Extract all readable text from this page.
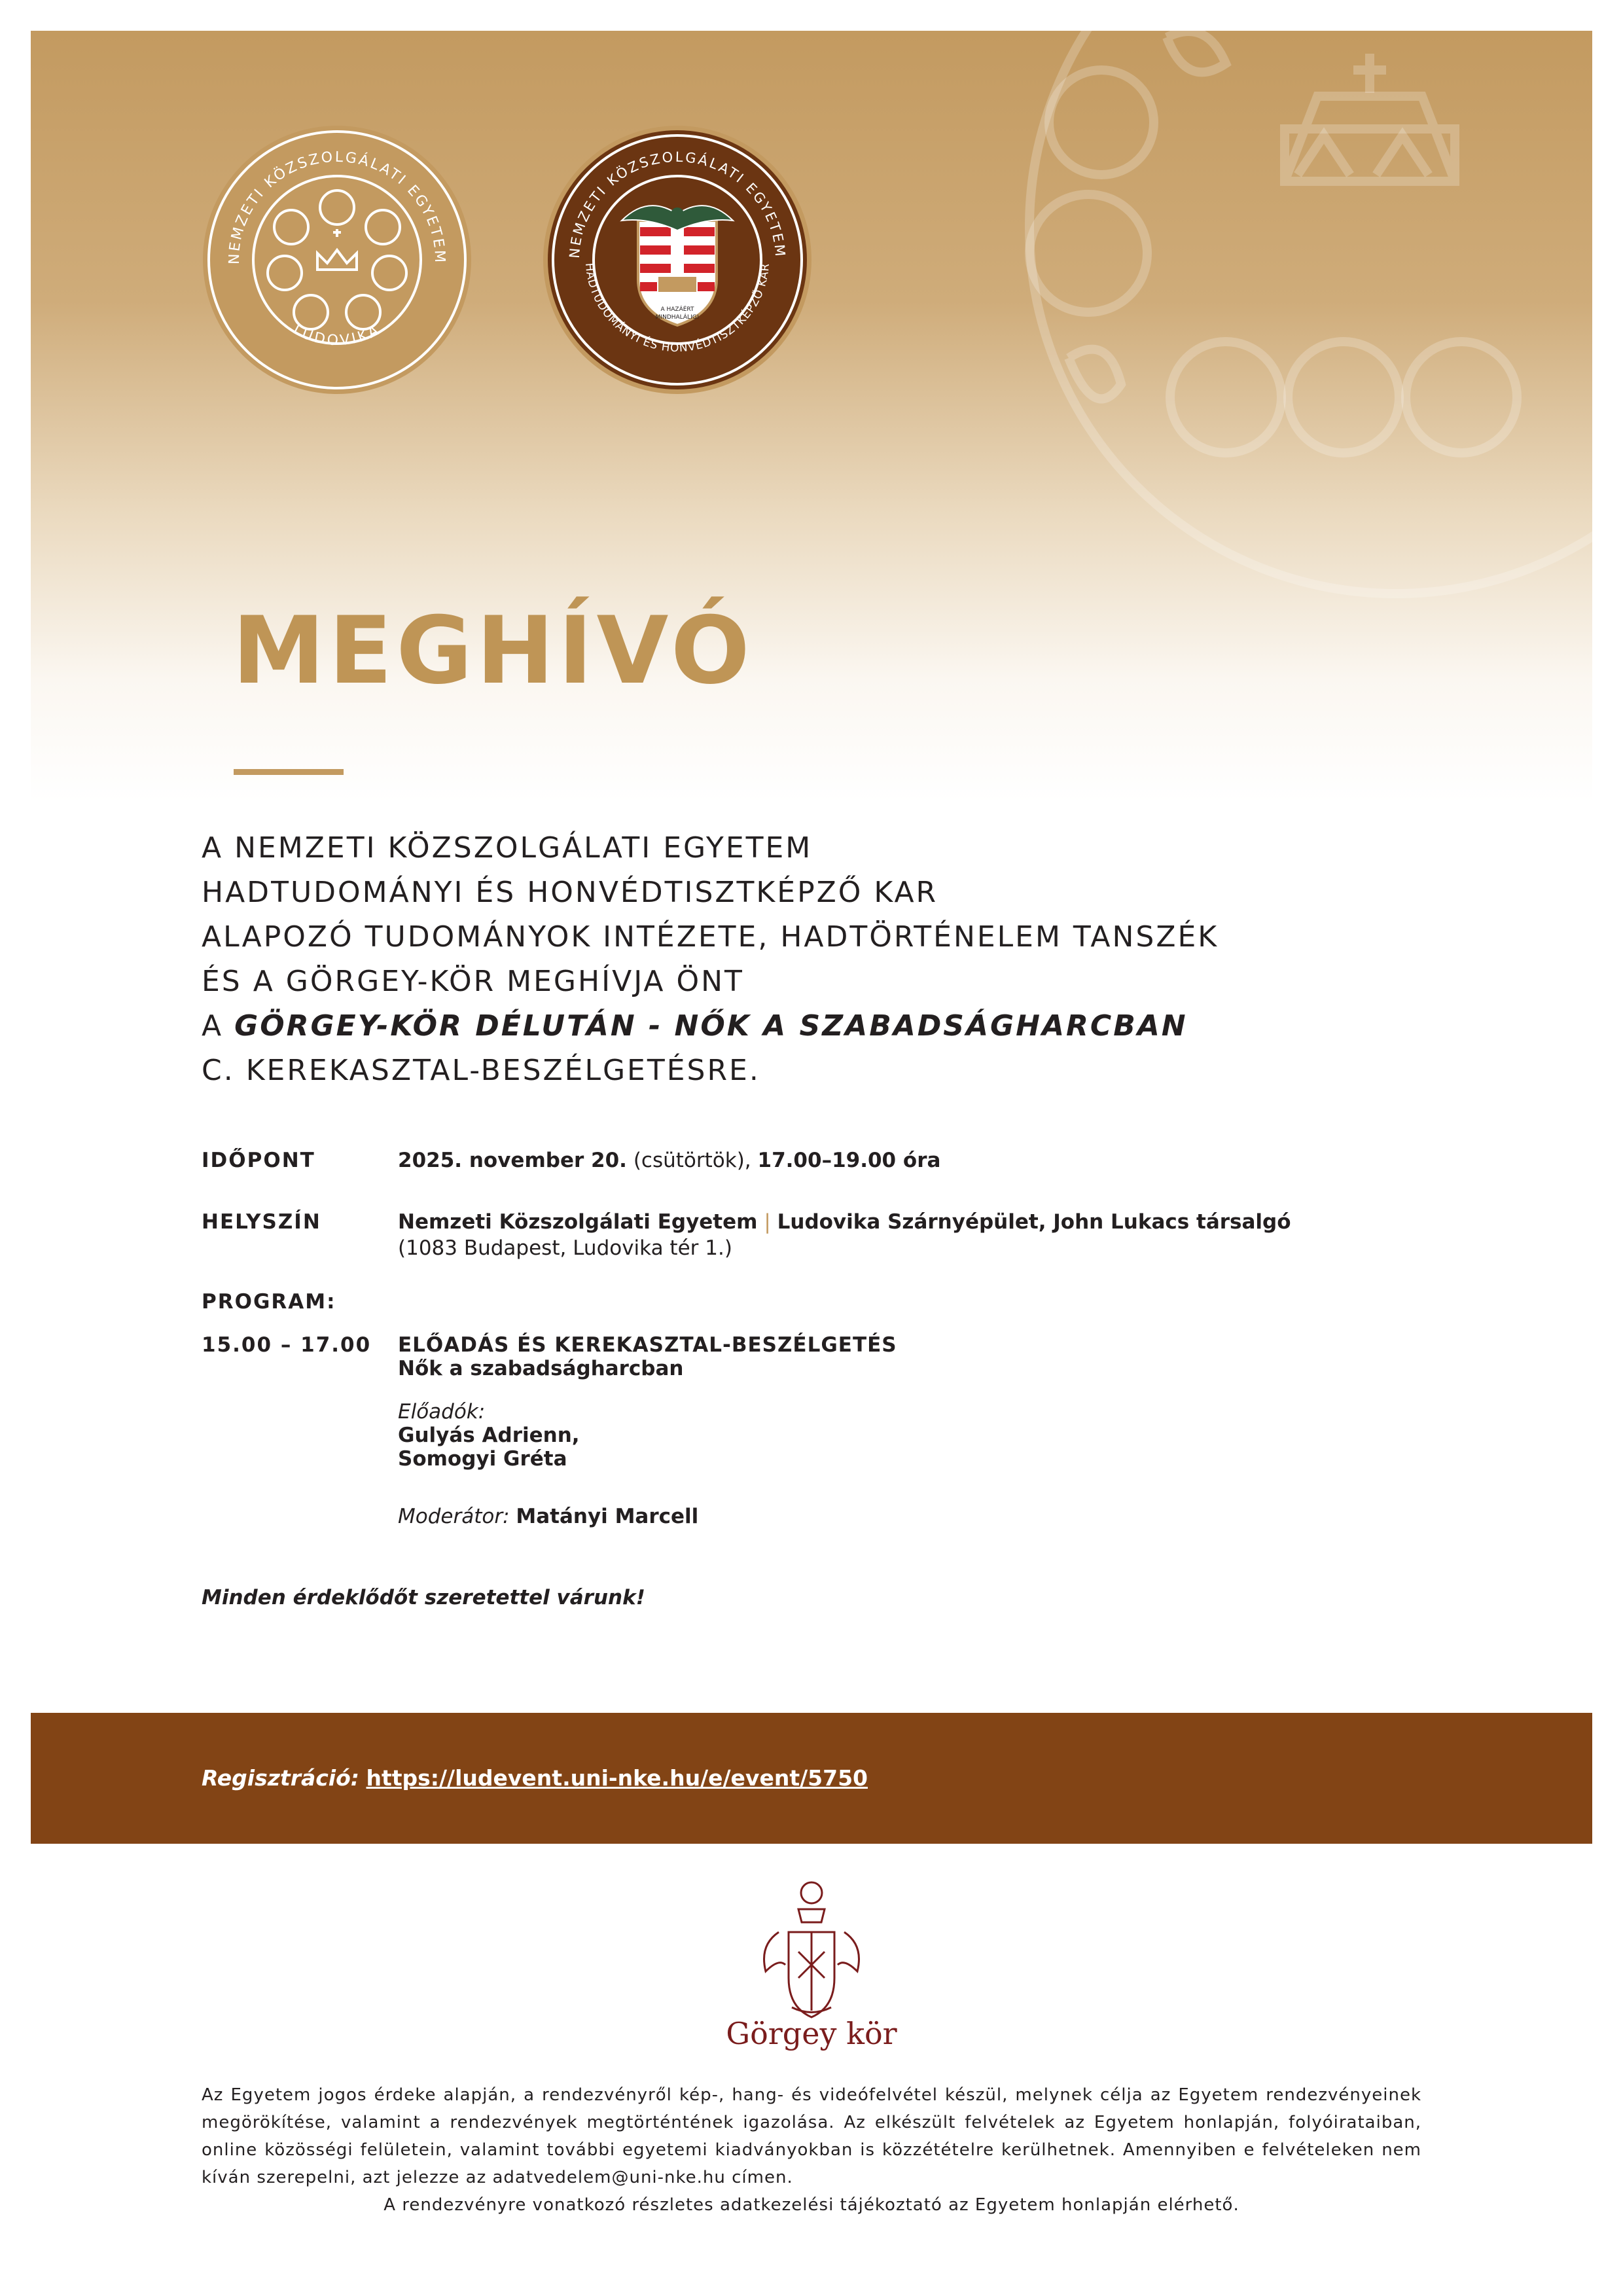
NEMZETI KÖZSZOLGÁLATI EGYETEM
LUDOVIKA
NEMZETI KÖZSZOLGÁLATI EGYETEM
HADTUDOMÁNYI ÉS HONVÉDTISZTKÉPZŐ KAR
A HAZÁÉRT
MINDHALÁLIG!
MEGHÍVÓ
A NEMZETI KÖZSZOLGÁLATI EGYETEM
HADTUDOMÁNYI ÉS HONVÉDTISZTKÉPZŐ KAR
ALAPOZÓ TUDOMÁNYOK INTÉZETE, HADTÖRTÉNELEM TANSZÉK
ÉS A GÖRGEY-KÖR MEGHÍVJA ÖNT
A GÖRGEY-KÖR DÉLUTÁN - NŐK A SZABADSÁGHARCBAN
C. KEREKASZTAL-BESZÉLGETÉSRE.
IDŐPONT	2025. november 20. (csütörtök), 17.00–19.00 óra
HELYSZÍN	Nemzeti Közszolgálati Egyetem | Ludovika Szárnyépület, John Lukacs társalgó
(1083 Budapest, Ludovika tér 1.)
PROGRAM:
15.00 – 17.00	ELŐADÁS ÉS KEREKASZTAL-BESZÉLGETÉS
Nők a szabadságharcban
Előadók:
Gulyás Adrienn,
Somogyi Gréta
Moderátor: Matányi Marcell
Minden érdeklődőt szeretettel várunk!
Regisztráció: https://ludevent.uni-nke.hu/e/event/5750
Görgey kör

Az Egyetem jogos érdeke alapján, a rendezvényről kép-, hang- és videófelvétel készül, melynek célja az Egyetem rendezvényeinek megörökítése, valamint a rendezvények megtörténtének igazolása. Az elkészült felvételek az Egyetem honlapján, folyóirataiban, online közösségi felületein, valamint további egyetemi kiadványokban is közzétételre kerülhetnek. Amennyiben e felvételeken nem kíván szerepelni, azt jelezze az adatvedelem@uni-nke.hu címen.

A rendezvényre vonatkozó részletes adatkezelési tájékoztató az Egyetem honlapján elérhető.
